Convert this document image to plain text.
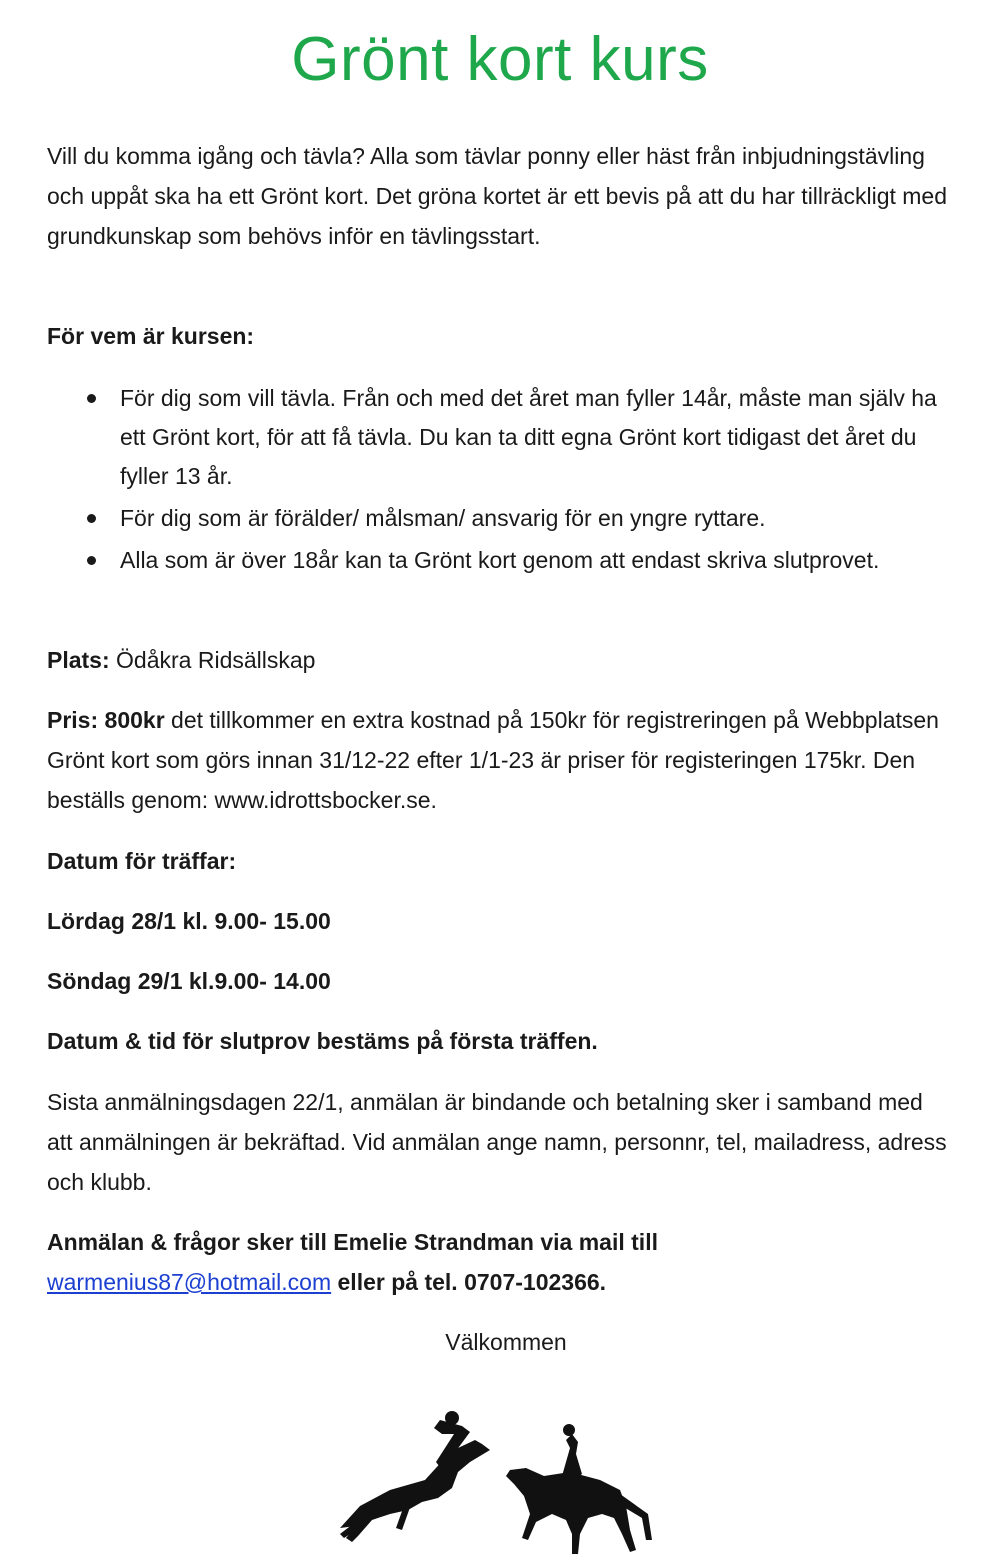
Grönt kort kurs

Vill du komma igång och tävla? Alla som tävlar ponny eller häst från inbjudningstävling och uppåt ska ha ett Grönt kort. Det gröna kortet är ett bevis på att du har tillräckligt med grundkunskap som behövs inför en tävlingsstart.

För vem är kursen:

För dig som vill tävla. Från och med det året man fyller 14år, måste man själv ha ett Grönt kort, för att få tävla. Du kan ta ditt egna Grönt kort tidigast det året du fyller 13 år.
För dig som är förälder/ målsman/ ansvarig för en yngre ryttare.
Alla som är över 18år kan ta Grönt kort genom att endast skriva slutprovet.

Plats: Ödåkra Ridsällskap

Pris: 800kr det tillkommer en extra kostnad på 150kr för registreringen på Webbplatsen Grönt kort som görs innan 31/12-22 efter 1/1-23 är priser för registeringen 175kr. Den beställs genom: www.idrottsbocker.se.

Datum för träffar:

Lördag 28/1 kl. 9.00- 15.00

Söndag 29/1 kl.9.00- 14.00

Datum & tid för slutprov bestäms på första träffen.

Sista anmälningsdagen 22/1, anmälan är bindande och betalning sker i samband med att anmälningen är bekräftad. Vid anmälan ange namn, personnr, tel, mailadress, adress och klubb.

Anmälan & frågor sker till Emelie Strandman via mail till
warmenius87@hotmail.com eller på tel. 0707-102366.

Välkommen
